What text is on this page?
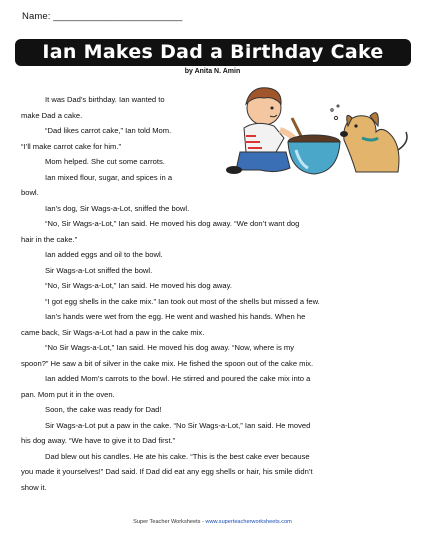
Name: ________________________
Ian Makes Dad a Birthday Cake
by Anita N. Amin
It was Dad’s birthday. Ian wanted to
make Dad a cake.
“Dad likes carrot cake,” Ian told Mom.
“I’ll make carrot cake for him.”
Mom helped. She cut some carrots.
Ian mixed flour, sugar, and spices in a
bowl.
Ian’s dog, Sir Wags-a-Lot, sniffed the bowl.
“No, Sir Wags-a-Lot,” Ian said. He moved his dog away. “We don’t want dog
hair in the cake.”
Ian added eggs and oil to the bowl.
Sir Wags-a-Lot sniffed the bowl.
“No, Sir Wags-a-Lot,” Ian said. He moved his dog away.
“I got egg shells in the cake mix.” Ian took out most of the shells but missed a few.
Ian’s hands were wet from the egg. He went and washed his hands. When he
came back, Sir Wags-a-Lot had a paw in the cake mix.
“No Sir Wags-a-Lot,” Ian said. He moved his dog away. “Now, where is my
spoon?” He saw a bit of silver in the cake mix. He fished the spoon out of the cake mix.
Ian added Mom’s carrots to the bowl. He stirred and poured the cake mix into a
pan. Mom put it in the oven.
Soon, the cake was ready for Dad!
Sir Wags-a-Lot put a paw in the cake. “No Sir Wags-a-Lot,” Ian said. He moved
his dog away. “We have to give it to Dad first.”
Dad blew out his candles. He ate his cake. “This is the best cake ever because
you made it yourselves!” Dad said. If Dad did eat any egg shells or hair, his smile didn’t
show it.
Super Teacher Worksheets - www.superteacherworksheets.com
